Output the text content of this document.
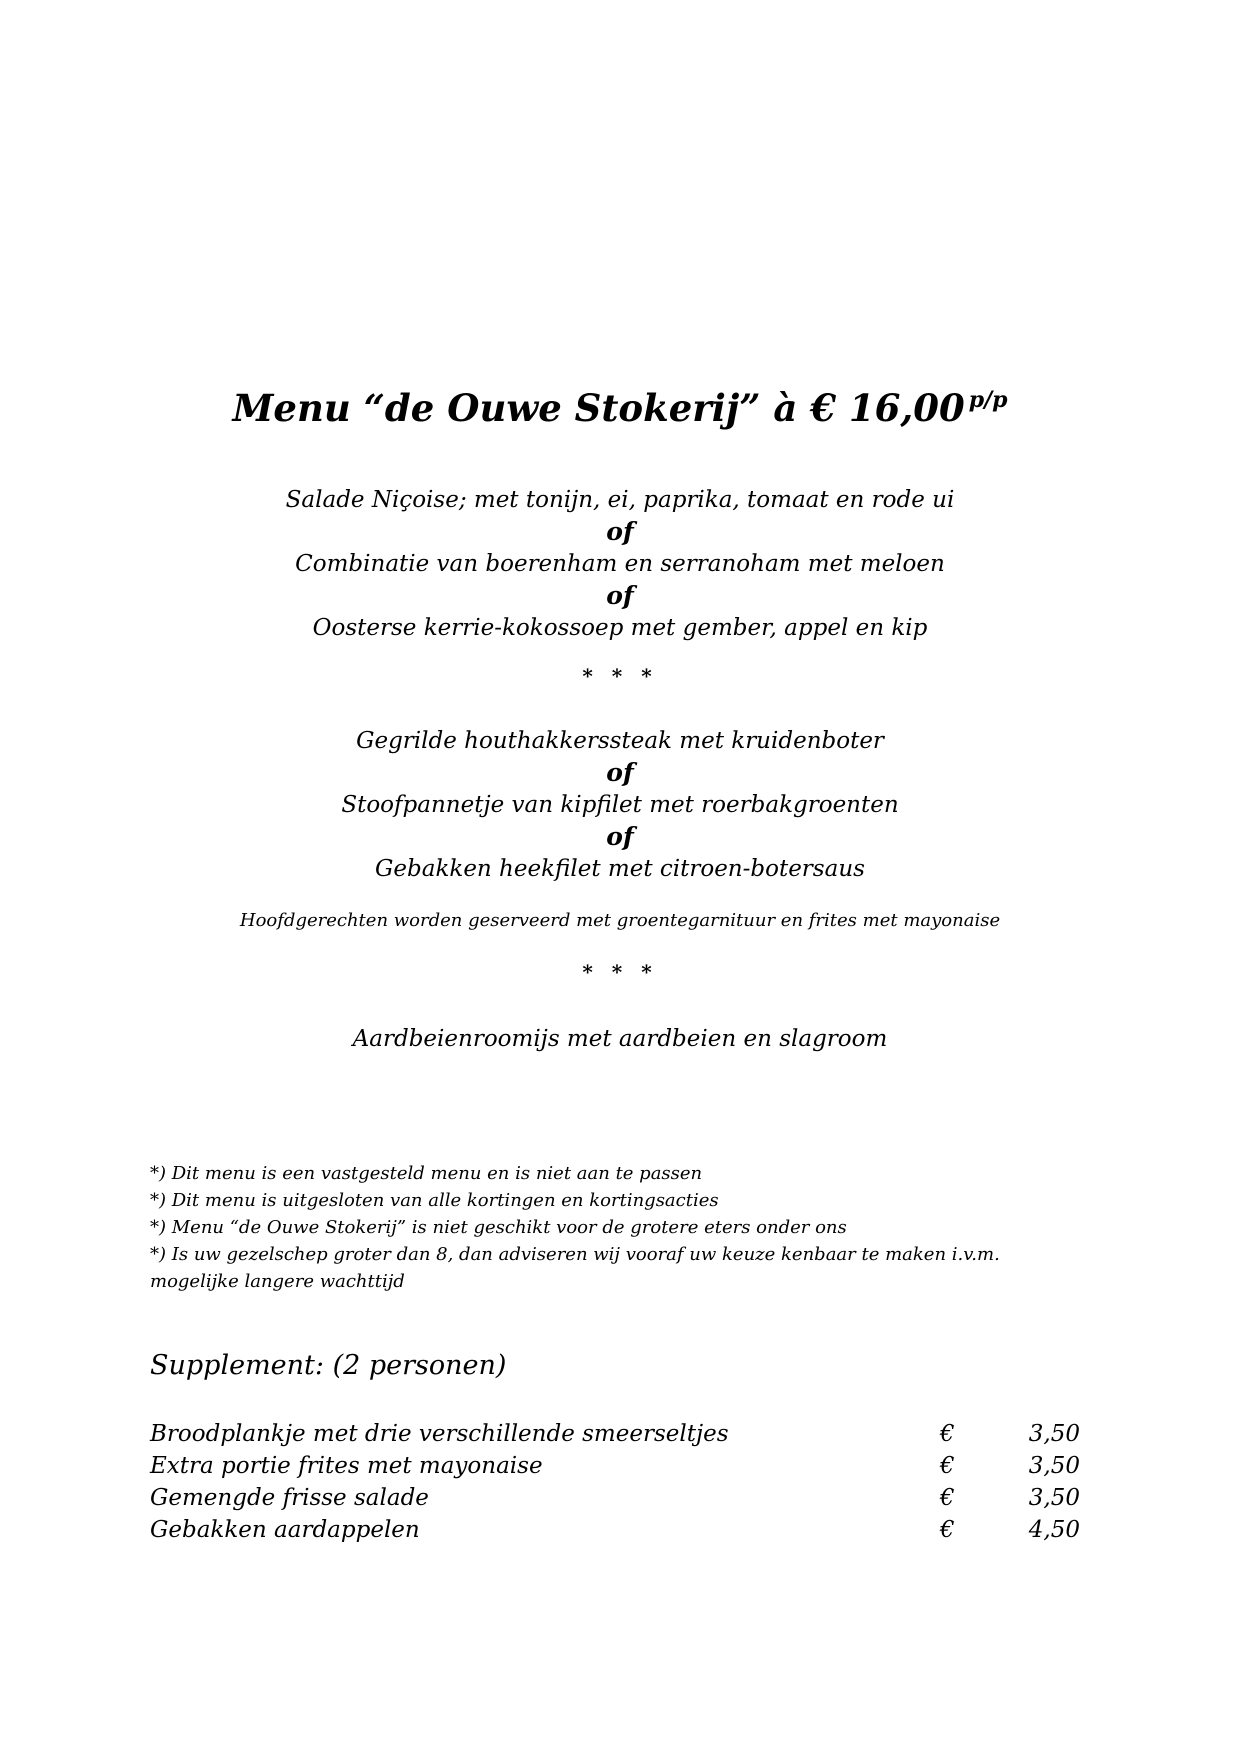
Menu “de Ouwe Stokerij” à € 16,00 $^{p/p}$
Salade Niçoise; met tonijn, ei, paprika, tomaat en rode ui
of
Combinatie van boerenham en serranoham met meloen
of
Oosterse kerrie-kokossoep met gember, appel en kip
* * *
Gegrilde houthakkerssteak met kruidenboter
of
Stoofpannetje van kipfilet met roerbakgroenten
of
Gebakken heekfilet met citroen-botersaus
Hoofdgerechten worden geserveerd met groentegarnituur en frites met mayonaise
* * *
Aardbeienroomijs met aardbeien en slagroom
*) Dit menu is een vastgesteld menu en is niet aan te passen
*) Dit menu is uitgesloten van alle kortingen en kortingsacties
*) Menu “de Ouwe Stokerij” is niet geschikt voor de grotere eters onder ons
*) Is uw gezelschep groter dan 8, dan adviseren wij vooraf uw keuze kenbaar te maken i.v.m. mogelijke langere wachttijd
Supplement: (2 personen)
Broodplankje met drie verschillende smeerseltjes	€	3,50
Extra portie frites met mayonaise	€	3,50
Gemengde frisse salade	€	3,50
Gebakken aardappelen	€	4,50
